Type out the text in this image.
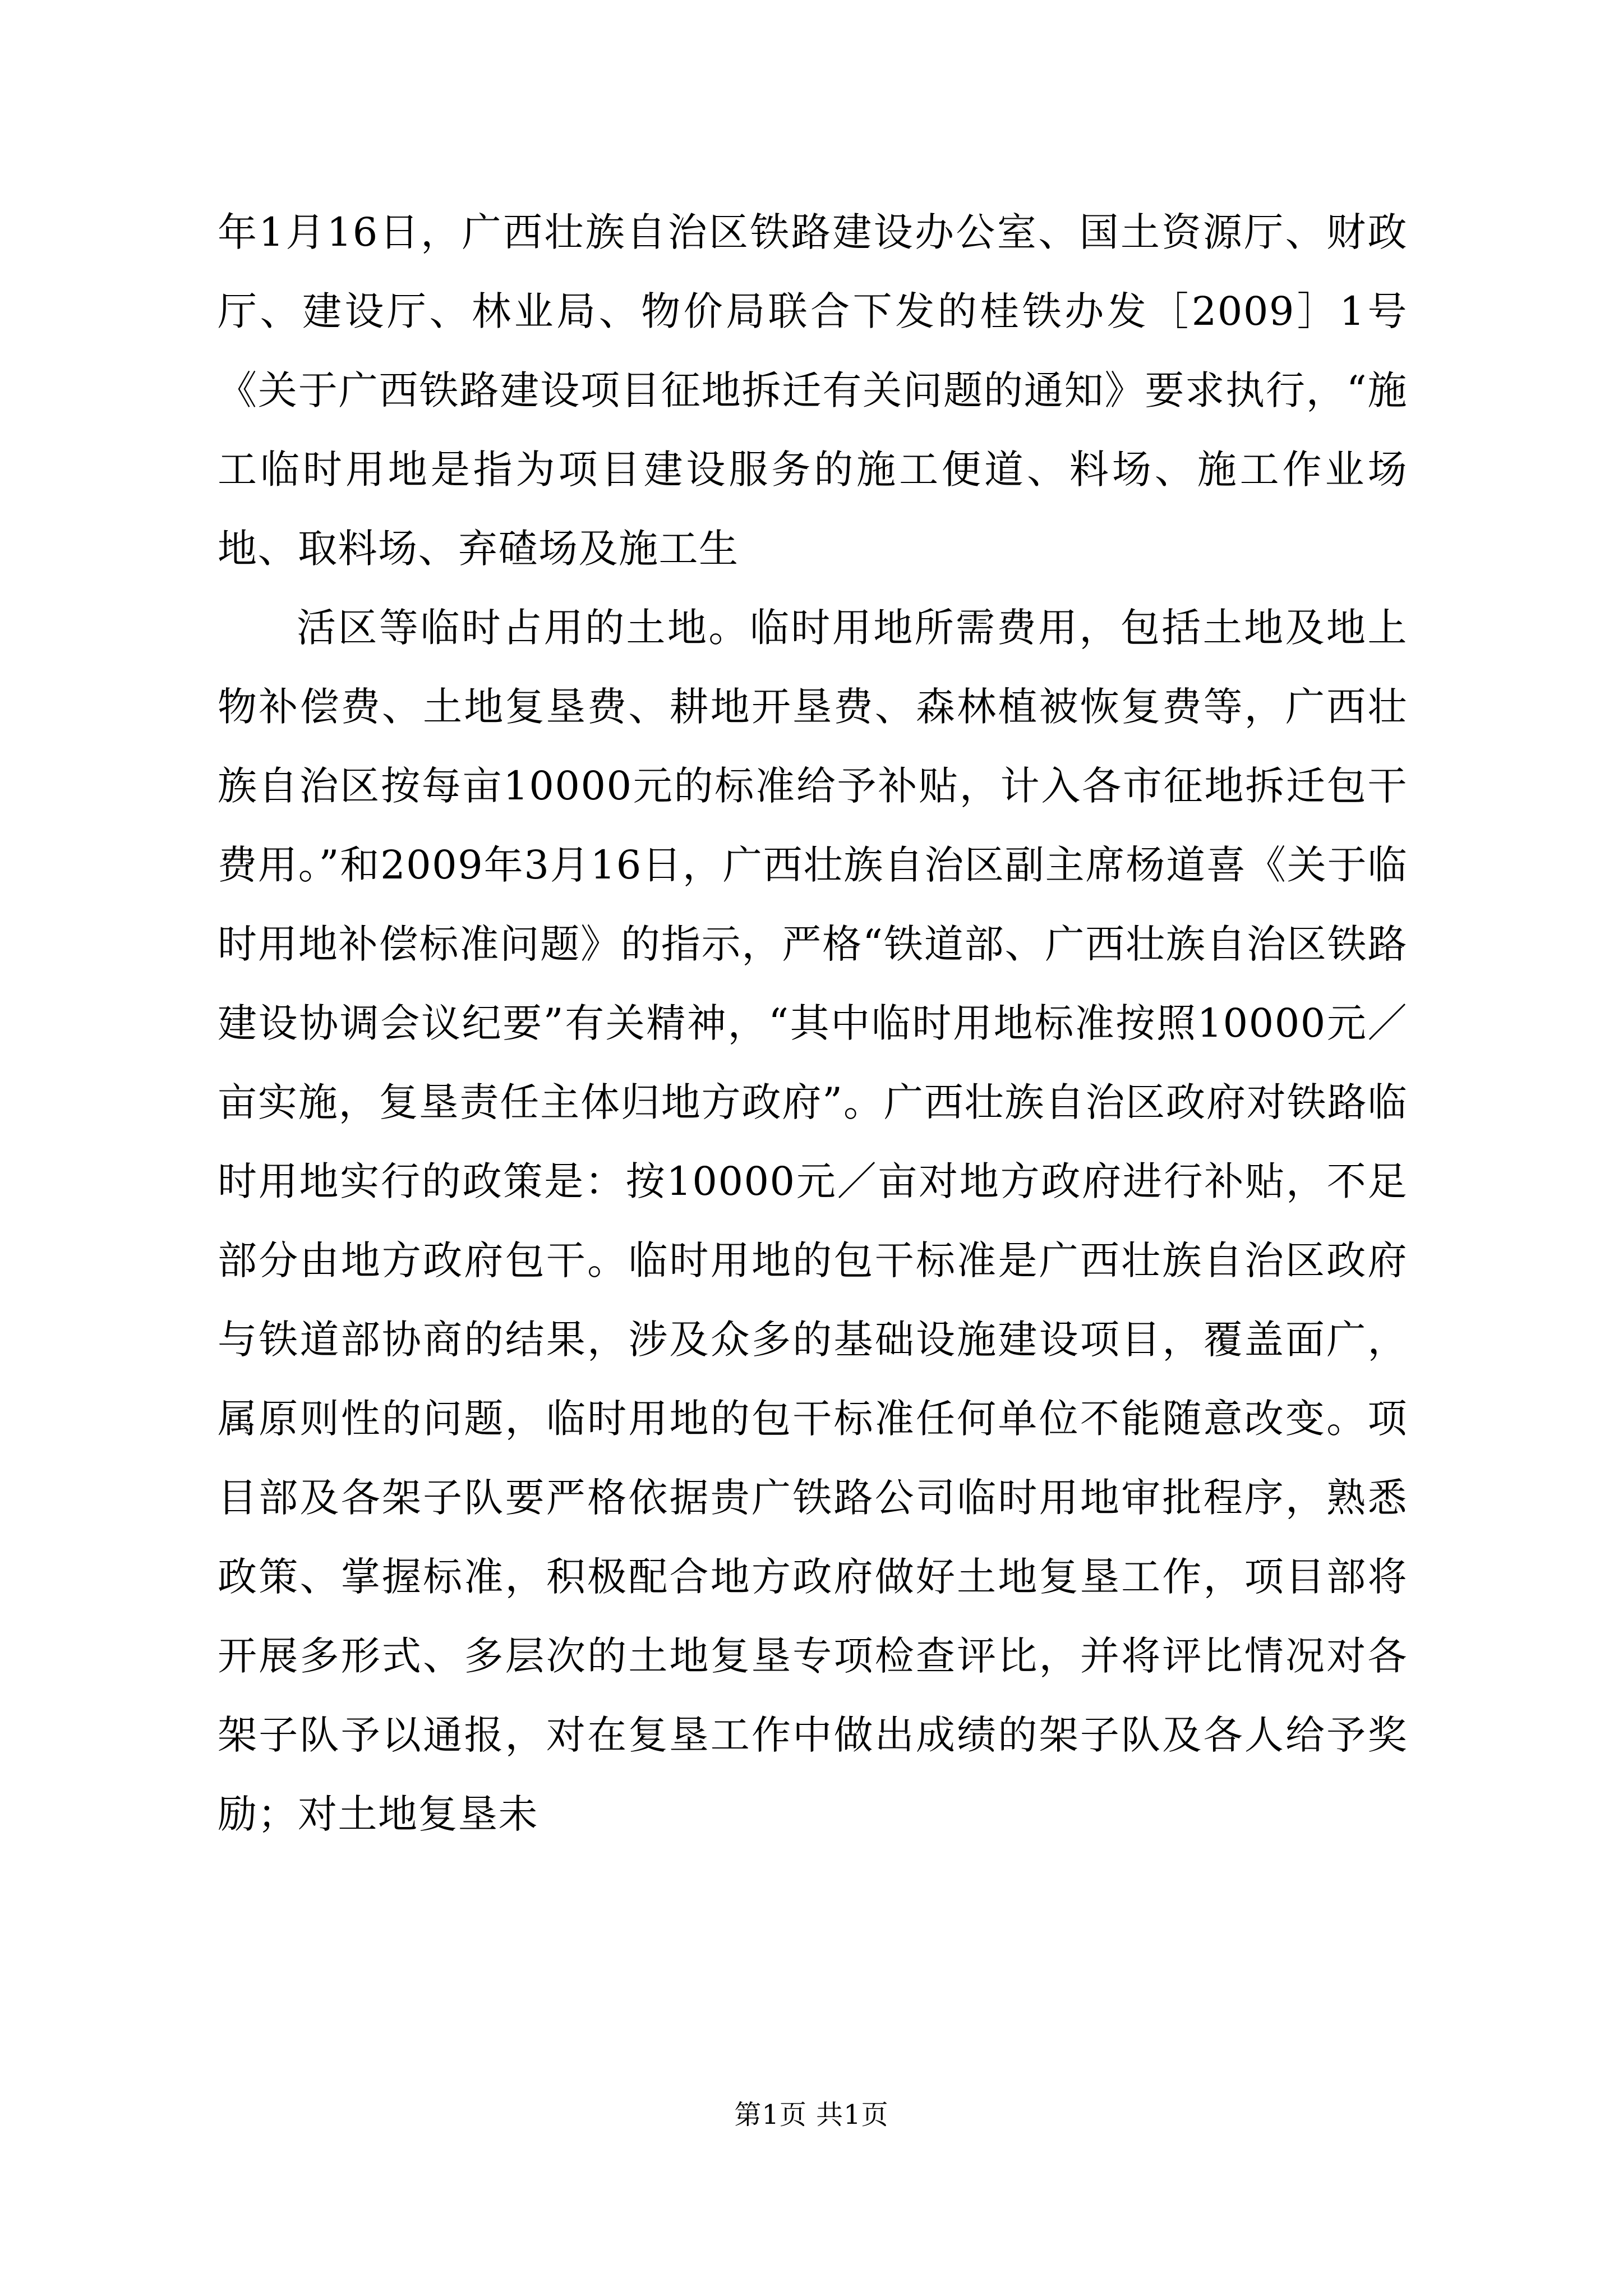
年1月16日，广西壮族自治区铁路建设办公室、国土资源厅、财政厅、建设厅、林业局、物价局联合下发的桂铁办发［2009］1号《关于广西铁路建设项目征地拆迁有关问题的通知》要求执行，“施工临时用地是指为项目建设服务的施工便道、料场、施工作业场地、取料场、弃碴场及施工生

活区等临时占用的土地。临时用地所需费用，包括土地及地上物补偿费、土地复垦费、耕地开垦费、森林植被恢复费等，广西壮族自治区按每亩10000元的标准给予补贴，计入各市征地拆迁包干费用。”和2009年3月16日，广西壮族自治区副主席杨道喜《关于临时用地补偿标准问题》的指示，严格“铁道部、广西壮族自治区铁路建设协调会议纪要”有关精神，“其中临时用地标准按照10000元／亩实施，复垦责任主体归地方政府”。广西壮族自治区政府对铁路临时用地实行的政策是：按10000元／亩对地方政府进行补贴，不足部分由地方政府包干。临时用地的包干标准是广西壮族自治区政府与铁道部协商的结果，涉及众多的基础设施建设项目，覆盖面广，属原则性的问题，临时用地的包干标准任何单位不能随意改变。项目部及各架子队要严格依据贵广铁路公司临时用地审批程序，熟悉政策、掌握标准，积极配合地方政府做好土地复垦工作，项目部将开展多形式、多层次的土地复垦专项检查评比，并将评比情况对各架子队予以通报，对在复垦工作中做出成绩的架子队及各人给予奖励；对土地复垦未

第1页 共1页
